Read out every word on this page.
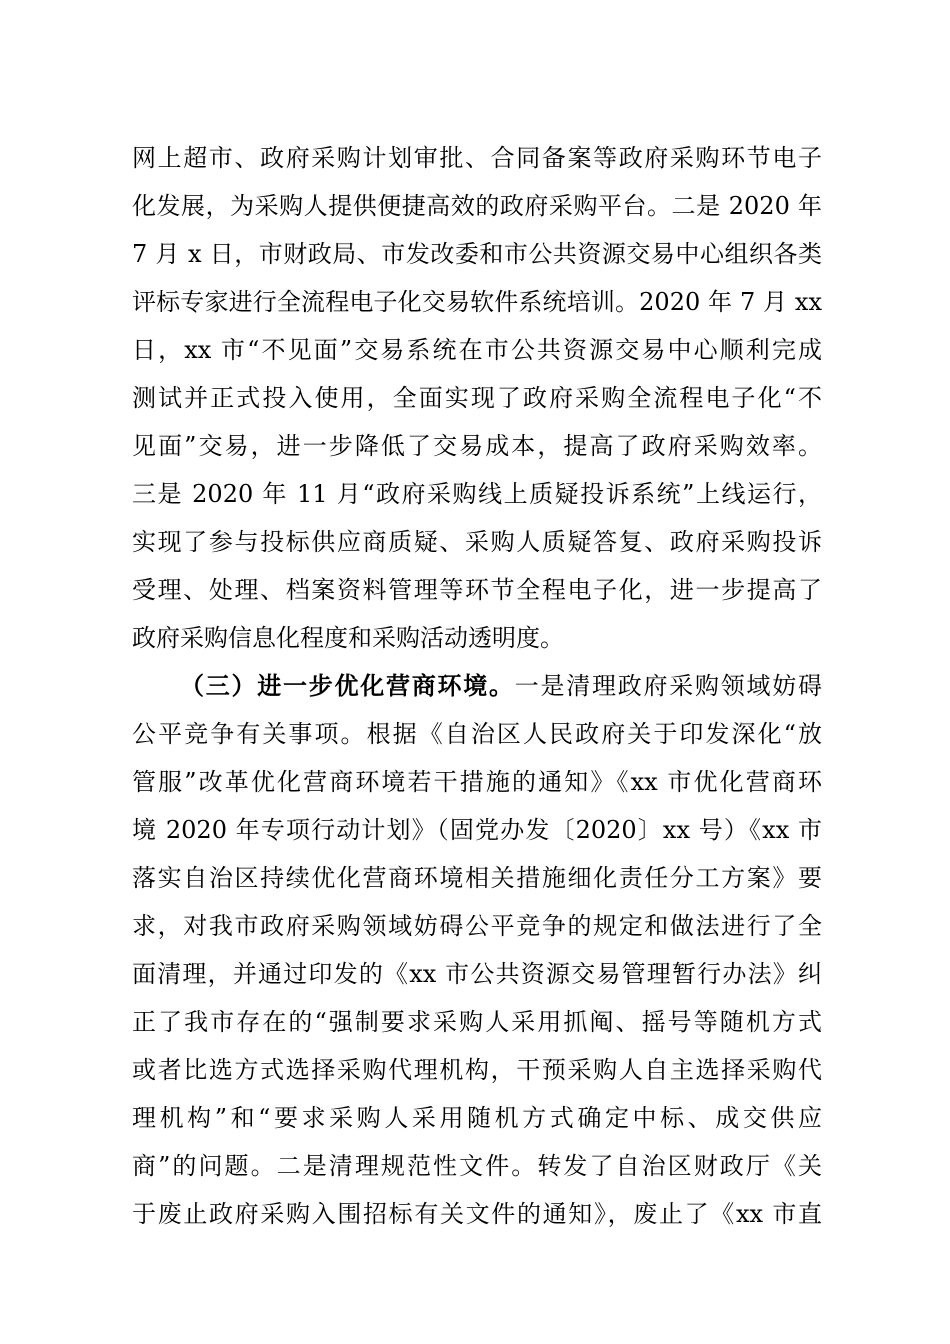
网上超市、政府采购计划审批、合同备案等政府采购环节电子
化发展，为采购人提供便捷高效的政府采购平台。二是 2020 年
7 月 x 日，市财政局、市发改委和市公共资源交易中心组织各类
评标专家进行全流程电子化交易软件系统培训。2020 年 7 月 xx
日，xx 市“不见面”交易系统在市公共资源交易中心顺利完成
测试并正式投入使用，全面实现了政府采购全流程电子化“不
见面”交易，进一步降低了交易成本，提高了政府采购效率。
三是 2020 年 11 月“政府采购线上质疑投诉系统”上线运行，
实现了参与投标供应商质疑、采购人质疑答复、政府采购投诉
受理、处理、档案资料管理等环节全程电子化，进一步提高了
政府采购信息化程度和采购活动透明度。
（三）进一步优化营商环境。一是清理政府采购领域妨碍
公平竞争有关事项。根据《自治区人民政府关于印发深化“放
管服”改革优化营商环境若干措施的通知》《xx 市优化营商环
境 2020 年专项行动计划》（固党办发〔2020〕xx 号）《xx 市
落实自治区持续优化营商环境相关措施细化责任分工方案》要
求，对我市政府采购领域妨碍公平竞争的规定和做法进行了全
面清理，并通过印发的《xx 市公共资源交易管理暂行办法》纠
正了我市存在的“强制要求采购人采用抓阄、摇号等随机方式
或者比选方式选择采购代理机构，干预采购人自主选择采购代
理机构”和“要求采购人采用随机方式确定中标、成交供应
商”的问题。二是清理规范性文件。转发了自治区财政厅《关
于废止政府采购入围招标有关文件的通知》，废止了《xx 市直
